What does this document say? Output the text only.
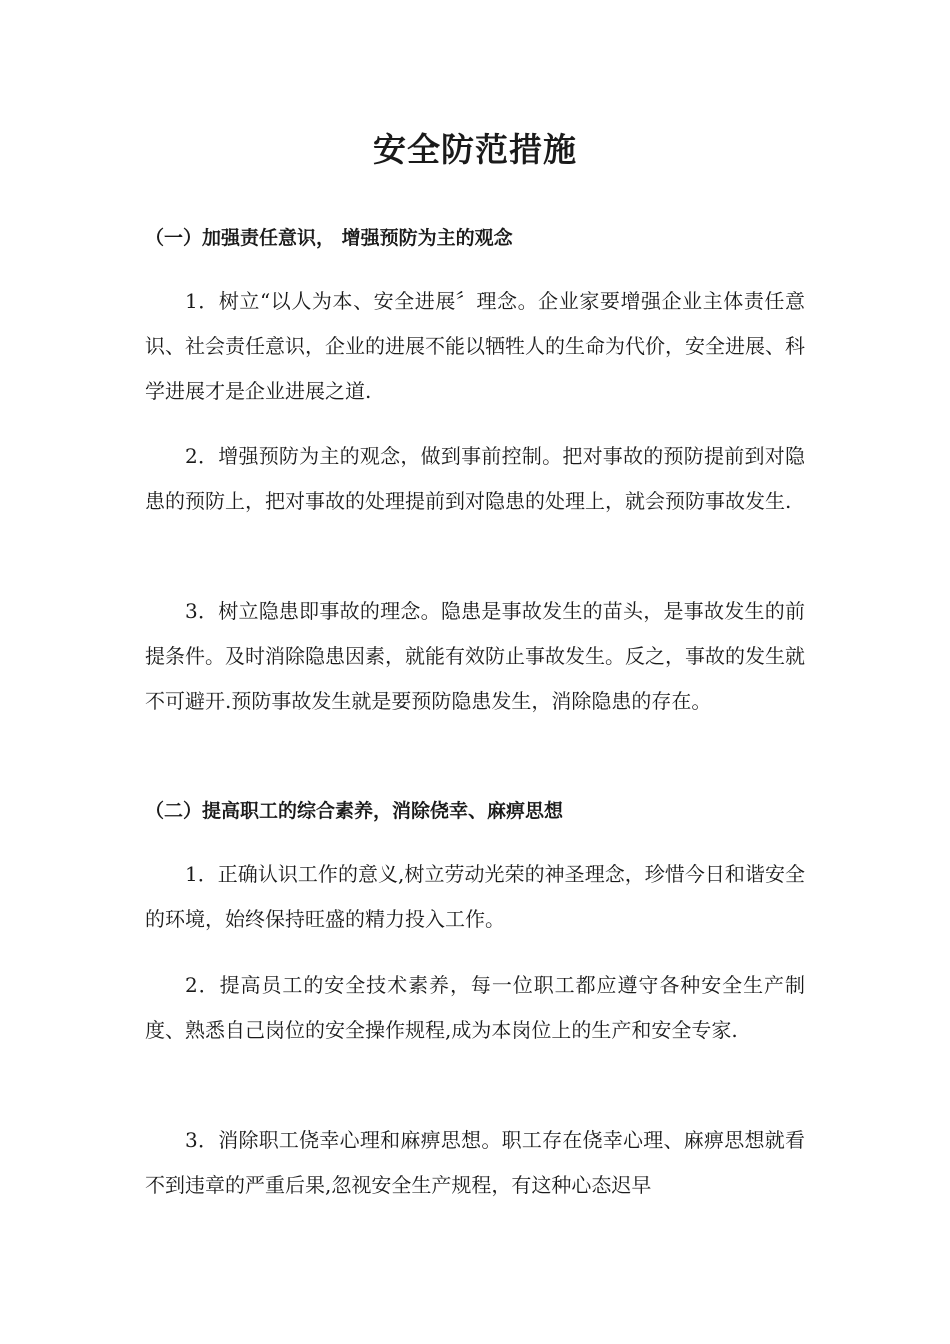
安全防范措施
（一）加强责任意识， 增强预防为主的观念

1．树立“以人为本、安全进展〞理念。企业家要增强企业主体责任意识、社会责任意识，企业的进展不能以牺牲人的生命为代价，安全进展、科学进展才是企业进展之道.

2．增强预防为主的观念，做到事前控制。把对事故的预防提前到对隐患的预防上，把对事故的处理提前到对隐患的处理上，就会预防事故发生.

3．树立隐患即事故的理念。隐患是事故发生的苗头，是事故发生的前提条件。及时消除隐患因素，就能有效防止事故发生。反之，事故的发生就不可避开.预防事故发生就是要预防隐患发生，消除隐患的存在。

（二）提高职工的综合素养，消除侥幸、麻痹思想

1．正确认识工作的意义,树立劳动光荣的神圣理念，珍惜今日和谐安全的环境，始终保持旺盛的精力投入工作。

2．提高员工的安全技术素养，每一位职工都应遵守各种安全生产制度、熟悉自己岗位的安全操作规程,成为本岗位上的生产和安全专家.

3．消除职工侥幸心理和麻痹思想。职工存在侥幸心理、麻痹思想就看不到违章的严重后果,忽视安全生产规程，有这种心态迟早
